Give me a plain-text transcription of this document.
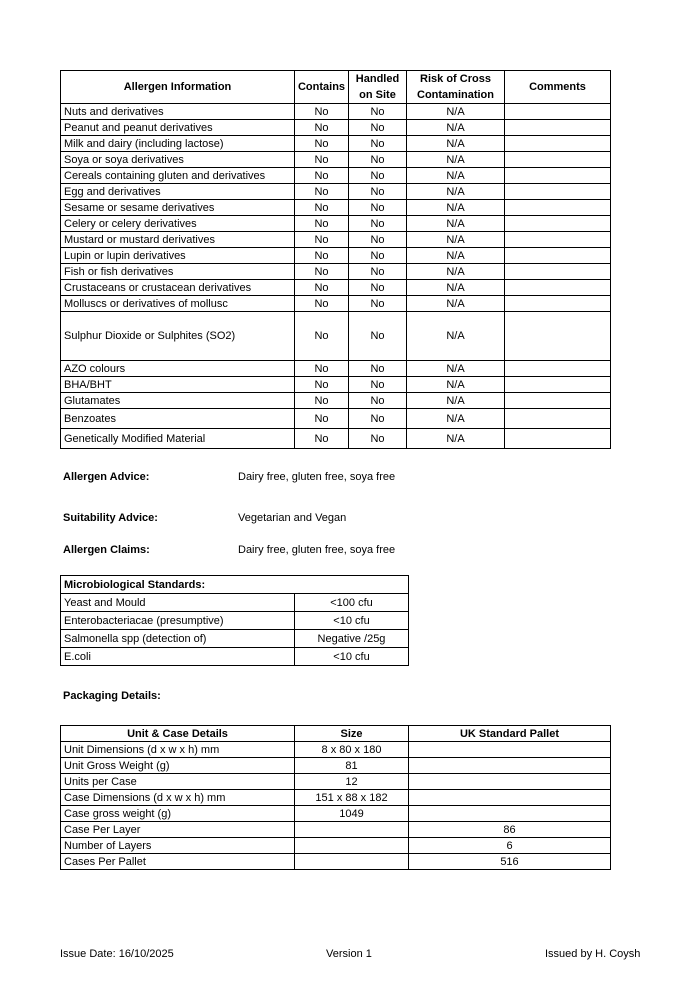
Allergen Information	Contains	Handled on Site	Risk of Cross Contamination	Comments
Nuts and derivatives	No	No	N/A	
Peanut and peanut derivatives	No	No	N/A	
Milk and dairy (including lactose)	No	No	N/A	
Soya or soya derivatives	No	No	N/A	
Cereals containing gluten and derivatives	No	No	N/A	
Egg and derivatives	No	No	N/A	
Sesame or sesame derivatives	No	No	N/A	
Celery or celery derivatives	No	No	N/A	
Mustard or mustard derivatives	No	No	N/A	
Lupin or lupin derivatives	No	No	N/A	
Fish or fish derivatives	No	No	N/A	
Crustaceans or crustacean derivatives	No	No	N/A	
Molluscs or derivatives of mollusc	No	No	N/A	
Sulphur Dioxide or Sulphites (SO2)	No	No	N/A	
AZO colours	No	No	N/A	
BHA/BHT	No	No	N/A	
Glutamates	No	No	N/A	
Benzoates	No	No	N/A	
Genetically Modified Material	No	No	N/A	
Allergen Advice:	Dairy free, gluten free, soya free
Suitability Advice:	Vegetarian and Vegan
Allergen Claims:	Dairy free, gluten free, soya free
Microbiological Standards:	
Yeast and Mould	<100 cfu
Enterobacteriacae (presumptive)	<10 cfu
Salmonella spp (detection of)	Negative /25g
E.coli	<10 cfu
Packaging Details:
Unit & Case Details	Size	UK Standard Pallet
Unit Dimensions (d x w x h) mm	8 x 80 x 180	
Unit Gross Weight (g)	81	
Units per Case	12	
Case Dimensions (d x w x h) mm	151 x 88 x 182	
Case gross weight (g)	1049	
Case Per Layer		86
Number of Layers		6
Cases Per Pallet		516
Issue Date: 16/10/2025	Version 1	Issued by H. Coysh
